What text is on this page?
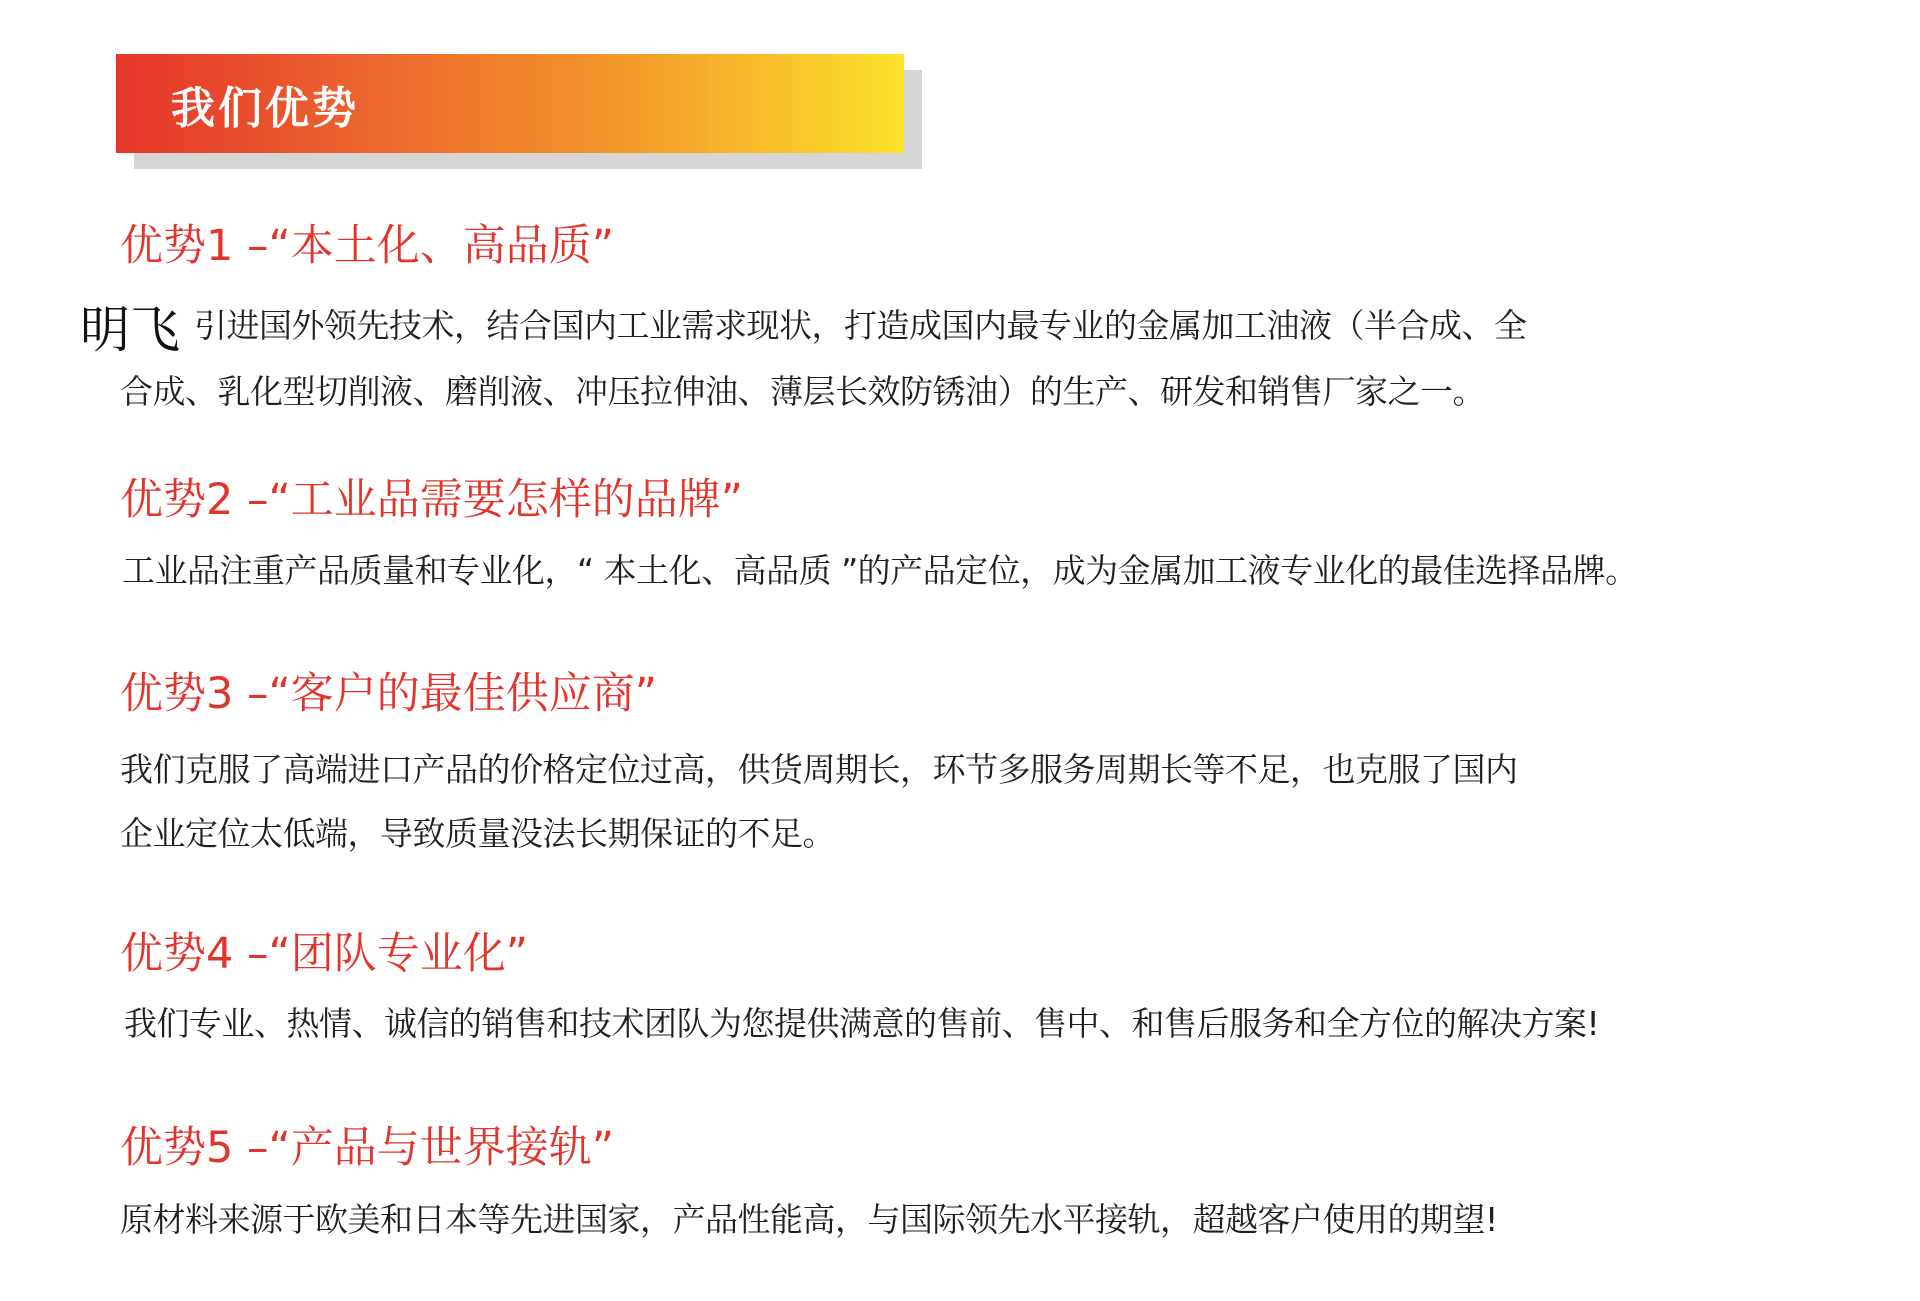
我们优势
优势1 –“本土化、高品质”
明飞 引进国外领先技术，结合国内工业需求现状，打造成国内最专业的金属加工油液（半合成、全
合成、乳化型切削液、磨削液、冲压拉伸油、薄层长效防锈油）的生产、研发和销售厂家之一。
优势2 –“工业品需要怎样的品牌”
工业品注重产品质量和专业化，“ 本土化、高品质 ”的产品定位，成为金属加工液专业化的最佳选择品牌。
优势3 –“客户的最佳供应商”
我们克服了高端进口产品的价格定位过高，供货周期长，环节多服务周期长等不足，也克服了国内
企业定位太低端，导致质量没法长期保证的不足。
优势4 –“团队专业化”
我们专业、热情、诚信的销售和技术团队为您提供满意的售前、售中、和售后服务和全方位的解决方案!
优势5 –“产品与世界接轨”
原材料来源于欧美和日本等先进国家，产品性能高，与国际领先水平接轨，超越客户使用的期望!
